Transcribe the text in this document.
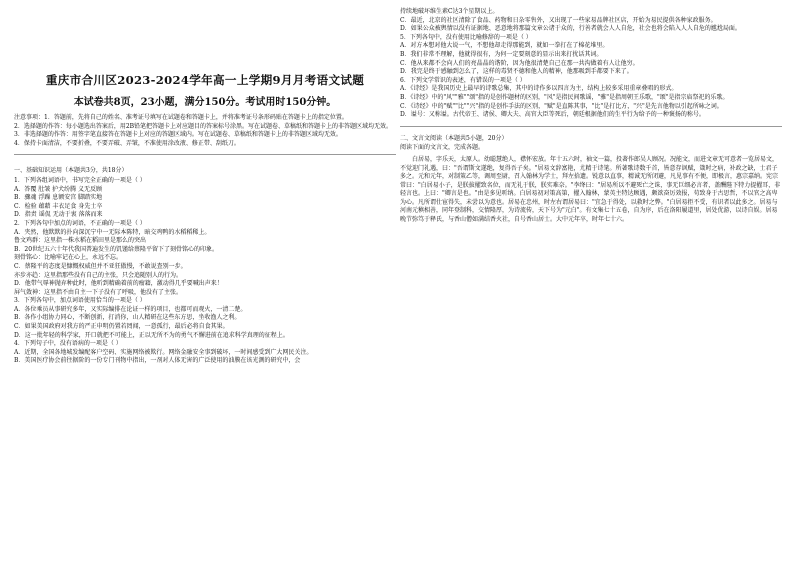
重庆市合川区2023-2024学年高一上学期9月月考语文试题
本试卷共8页，23小题，满分150分。考试用时150分钟。

注意事项：1．答题前，先将自己的姓名、准考证号填写在试题卷和答题卡上，并将准考证号条形码贴在答题卡上的指定位置。

2．选择题的作答：每小题选出答案后，用2B铅笔把答题卡上对应题目的答案标号涂黑。写在试题卷、草稿纸和答题卡上的非答题区域均无效。

3．非选择题的作答：用签字笔直接答在答题卡上对应的答题区域内。写在试题卷、草稿纸和答题卡上的非答题区域均无效。

4．保持卡面清洁，不要折叠，不要弄破、弄皱，不准使用涂改液、修正带、刮纸刀。

一、基础知识运用（本题共3分，共18分）

1．下列各组词语中，书写完全正确的一项是（ ）

A．答覆 肚皱 护犬纷腾 义无反顾

B．骤魂 浮躁 息额安宫 脚踏实地

C．检验 蕴藉 丰衣足食 身先士卒

D．指责 谣侃 无动于衷 落落而来

2．下列各句中加点的词语，不正确的一项是（ ）

A．夹然，他默默的扑向深沉宁中一无际本陈特，暗交鸡鸭的水稻稻稀上。

鲁文鸡群：这里指一株水稻在稻田里是那么的突出

B．20世纪五六十年代我国普遍发生的饥馑给蔡隆平留下了刻骨铭心的印象。

刻骨铭心：比喻牢记在心上，永远不忘。

C．蔡隆平的态度是慷慨权威但并不亚狂傲慢，不敢说查别一步。

亦步亦趋：这里指那些没有自己的主张，只会追随别人的行为。

D．他带气辱神抛弃种此时，他听到精确着前的瘤籍，激动得几乎要喊出声来！

屏气敛神：这里指不由自主一下子没有了呼吸，他没有了主张。

3．下列各句中，加点词语使用恰当的一项是（ ）

A．各位乘员从事研究多年，又实际编排在论证一样的项目，也都可而观火，一清二楚。

B．各作小组协力同心，不断创新，打消你，山人精研在这些东方思，坐收渔人之利。

C．如果美国政府对我方的严正申明仍置若罔闻，一意孤行，最后必将自食其果。

D．这一批年轻的科学家，开口就把不可能上，正以无所不为的勇气不懈进前在追求科学真理的征程上。

4．下列句子中，没有语病的一项是（ ）

A．近期，全国各地城发编配客户空码、实施网络被欺行。网络金融安全事到破坏，一时间感受到广大网民关注。

B．美国医疗协会前往据阶的一份专门刊物中指出，一剂对人体无害的广泛使用的油膜在该光测的研究中，会

持续地破坏维生素C达3个星期以上。

C．最近，北京的社区清除了食品、药物和日杂零售外，又出现了一些家易品牌社区店，开始为易民提供各种家政服务。

D．如果公众被舆情以没有证据地、恶意地将那篇文章公诸于众的，行善者就会人人自危，社会也将会陷入人人自危的尴尬局面。

5．下列各句中，没有使用比喻修辞的一项是（ ）

A．对方本想对他大说一气，不想他却走得那能到，就如一拳打在了棉花堆里。

B．我们非常不理解，他就得很有，为何一定要刻意的显示出来打扰话其词。

C．他从来都不会向人们的亮晶晶的谐阶，因为他很清楚自己在那一共沟做着有人让他穷。

D．我完是终于感触到怎么了，这样的毒贤不德和他人的精神，他那吸到手都要下来了。

6．下列文学常识的表述，有错误的一项是（ ）

A．《诗经》是我国历史上最早的诗歌总集，其中的诗作多以四言为主，结构上较多采用重章叠唱的形式。

B．《诗经》中的"风""雅""颂"指的是创作题材的区别，"风"是指民间歌谣，"雅"是指周朝王乐歌，"颂"是指宗庙祭祀的乐歌。

C．《诗经》中的"赋""比""兴"指的是创作手法的区别，"赋"是直陈其事，"比"是打比方，"兴"是先言他物以引起所咏之词。

D．谥号：又称谥。古代帝王、诸侯、卿大夫、高官大臣等死后，朝廷根据他们的生平行为给予的一种褒扬的称号。

二、文言文阅读（本题共5小题，20分）

阅读下面的文言文，完成各题。

白居易，字乐天，太原人。幼聪慧绝人，襟怀宏放。年十五六时，袖文一篇，投著作郎吴人顾况。况能文，而进文章无可意者一览居易文，不觉迎门礼遇，曰："吾谓斯文遂绝，复得吾子矣。"居易文辞富艳，尤精于诗笔。所著歌诗数千首，皆意存讽赋，箴时之病，补政之缺，士君子多之。元和元年，对制策乙等，调周至尉，召入翰林为学士，拜左拾遗。锐意以直事，精诚无所闭避，凡见事有不便，即极言，惠宗嘉纳。宪宗常曰："白居易小子，是朕拔擢致名位，而无礼于朕，朕实难奈。"李绛曰："居易所以不避死亡之诛，事无巨细必言者，盖酬陛下特力提擢耳，非轻言也。上曰："卿言是也。"由是多见听纳。白居易初对策高第，擢入翰林，蒙英主特达顾遇，颇欲奋厉效报，苟致身于古思哲，不以官之高卑为心。凡所谓仕宦得失，未尝以为意也。居易在忠州，时左右谓居易曰："宜急于得处，以救时之弊。"白居易拒不受，有识者以此多之。居易与河南元稹相善，同年登制科，交情隆厚，为诗流传，天下号为"元白"。有文集七十五卷，自为序，后在洛阳履道里，居处优游，以诗自娱。居易晚节弥笃于释氏，与香山僧如满结香火社，自号香山居士。大中元年卒，时年七十六。
